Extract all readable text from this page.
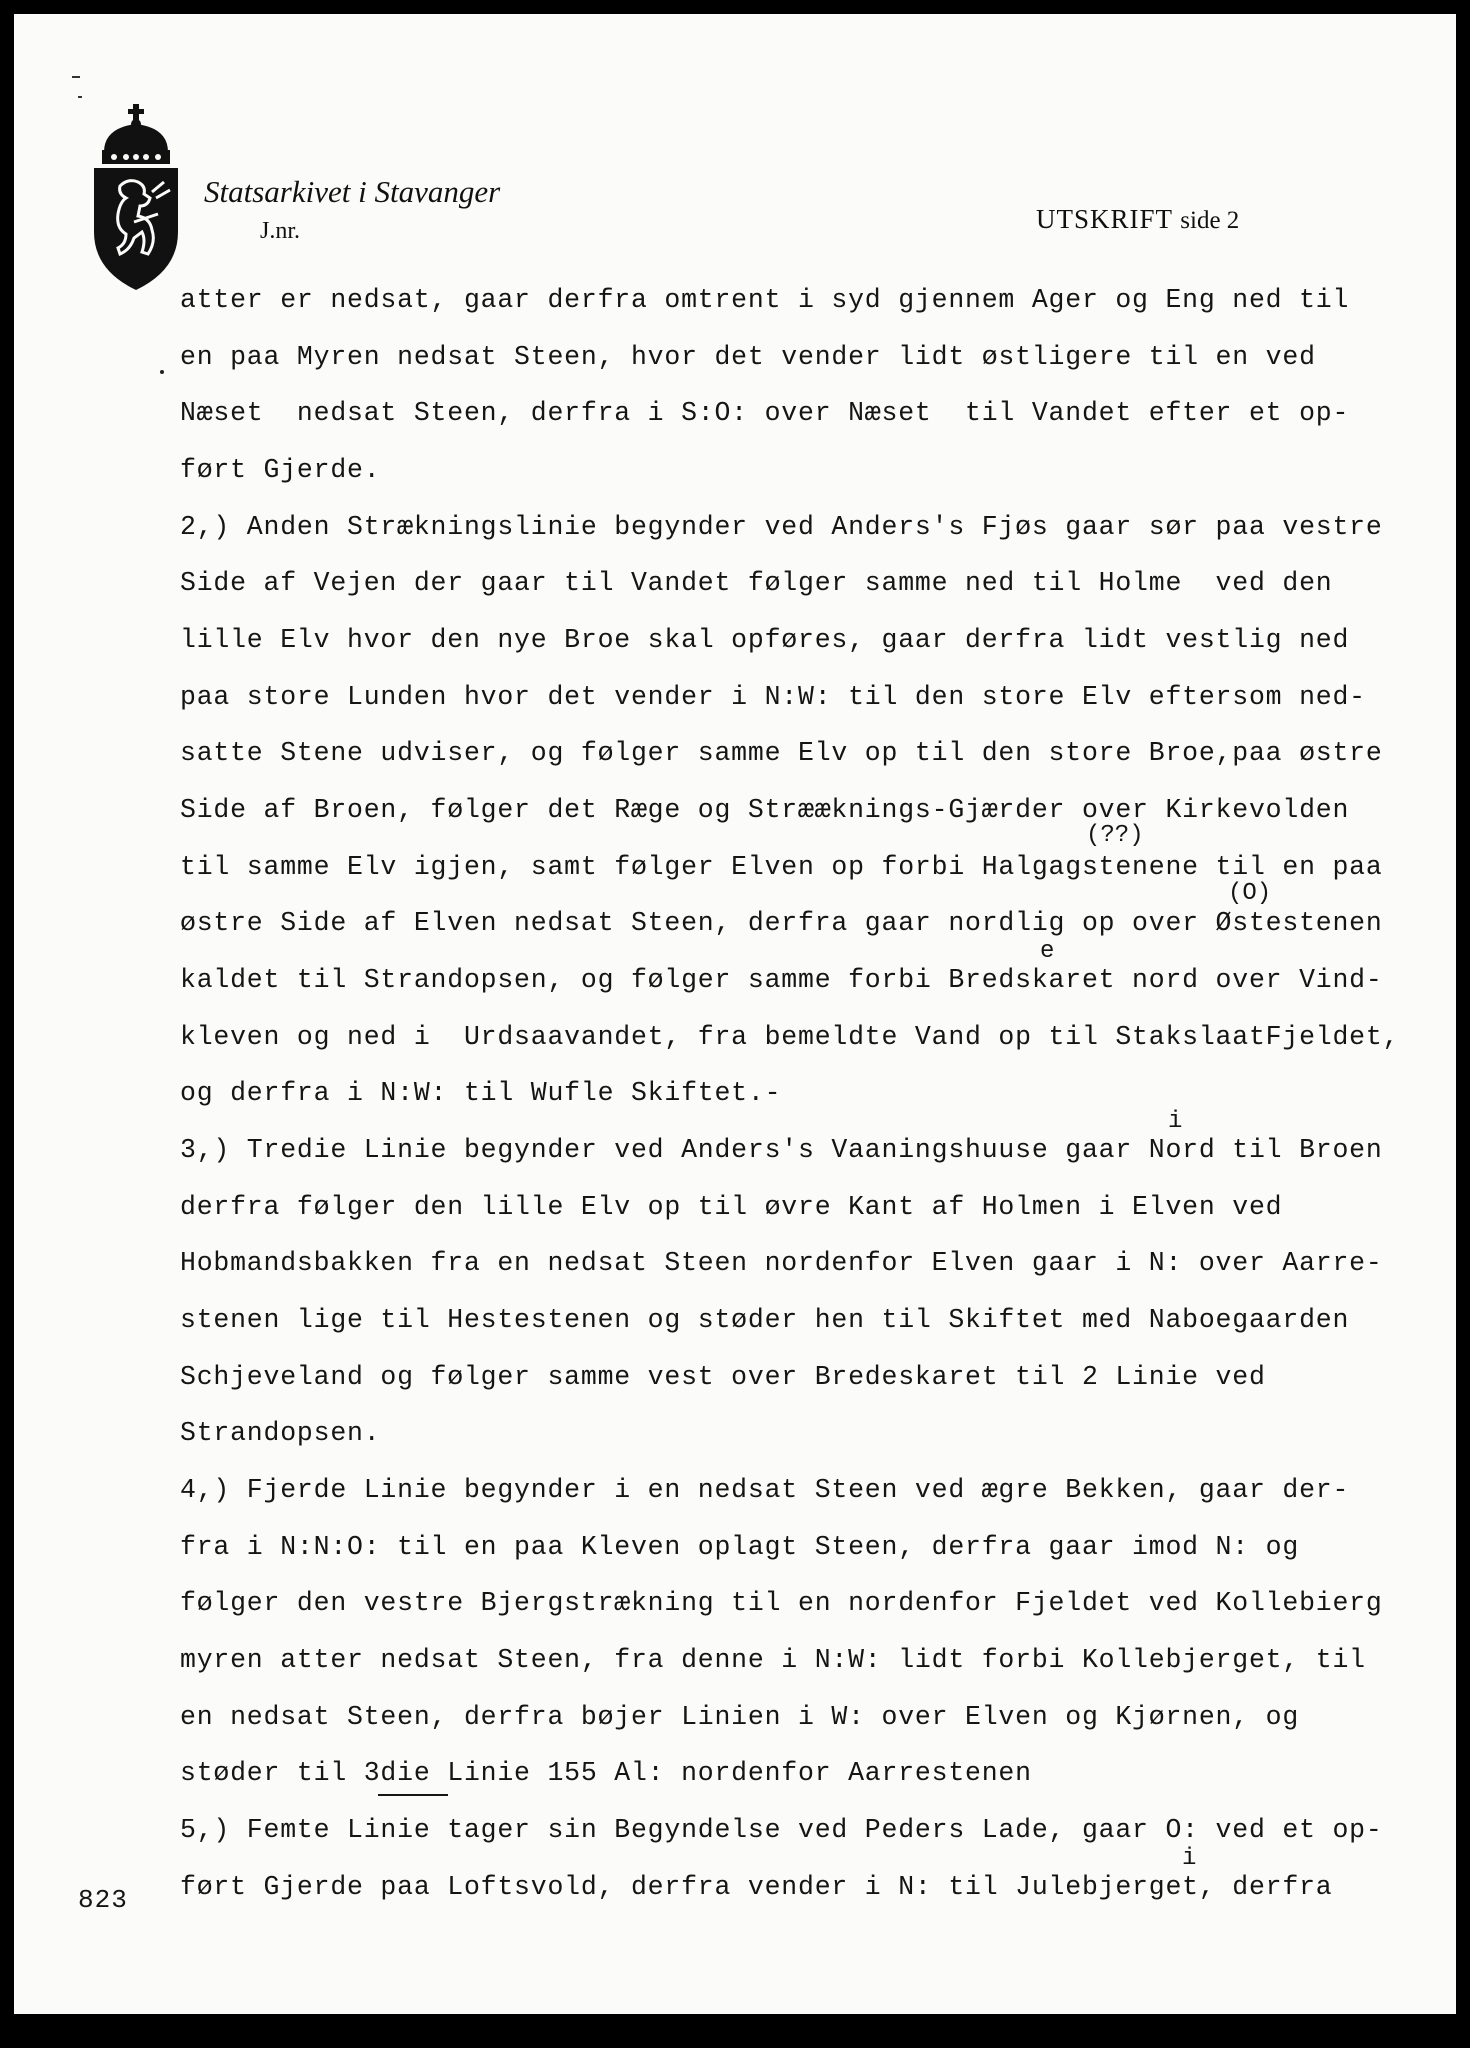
Statsarkivet i Stavanger
J.nr.	UTSKRIFT side 2
atter er nedsat, gaar derfra omtrent i syd gjennem Ager og Eng ned til
en paa Myren nedsat Steen, hvor det vender lidt østligere til en ved
Næset  nedsat Steen, derfra i S:O: over Næset  til Vandet efter et op-
ført Gjerde.
2,) Anden Strækningslinie begynder ved Anders's Fjøs gaar sør paa vestre
Side af Vejen der gaar til Vandet følger samme ned til Holme  ved den
lille Elv hvor den nye Broe skal opføres, gaar derfra lidt vestlig ned
paa store Lunden hvor det vender i N:W: til den store Elv eftersom ned-
satte Stene udviser, og følger samme Elv op til den store Broe,paa østre
Side af Broen, følger det Ræge og Strææknings-Gjærder over Kirkevolden
til samme Elv igjen, samt følger Elven op forbi Halgagstenene til en paa
østre Side af Elven nedsat Steen, derfra gaar nordlig op over Østestenen
kaldet til Strandopsen, og følger samme forbi Bredskaret nord over Vind-
kleven og ned i  Urdsaavandet, fra bemeldte Vand op til StakslaatFjeldet,
og derfra i N:W: til Wufle Skiftet.-
3,) Tredie Linie begynder ved Anders's Vaaningshuuse gaar Nord til Broen
derfra følger den lille Elv op til øvre Kant af Holmen i Elven ved
Hobmandsbakken fra en nedsat Steen nordenfor Elven gaar i N: over Aarre-
stenen lige til Hestestenen og støder hen til Skiftet med Naboegaarden
Schjeveland og følger samme vest over Bredeskaret til 2 Linie ved
Strandopsen.
4,) Fjerde Linie begynder i en nedsat Steen ved ægre Bekken, gaar der-
fra i N:N:O: til en paa Kleven oplagt Steen, derfra gaar imod N: og
følger den vestre Bjergstrækning til en nordenfor Fjeldet ved Kollebierg
myren atter nedsat Steen, fra denne i N:W: lidt forbi Kollebjerget, til
en nedsat Steen, derfra bøjer Linien i W: over Elven og Kjørnen, og
støder til 3die Linie 155 Al: nordenfor Aarrestenen
5,) Femte Linie tager sin Begyndelse ved Peders Lade, gaar O: ved et op-
ført Gjerde paa Loftsvold, derfra vender i N: til Julebjerget, derfra
(??)
(O)
e
i
i
823
